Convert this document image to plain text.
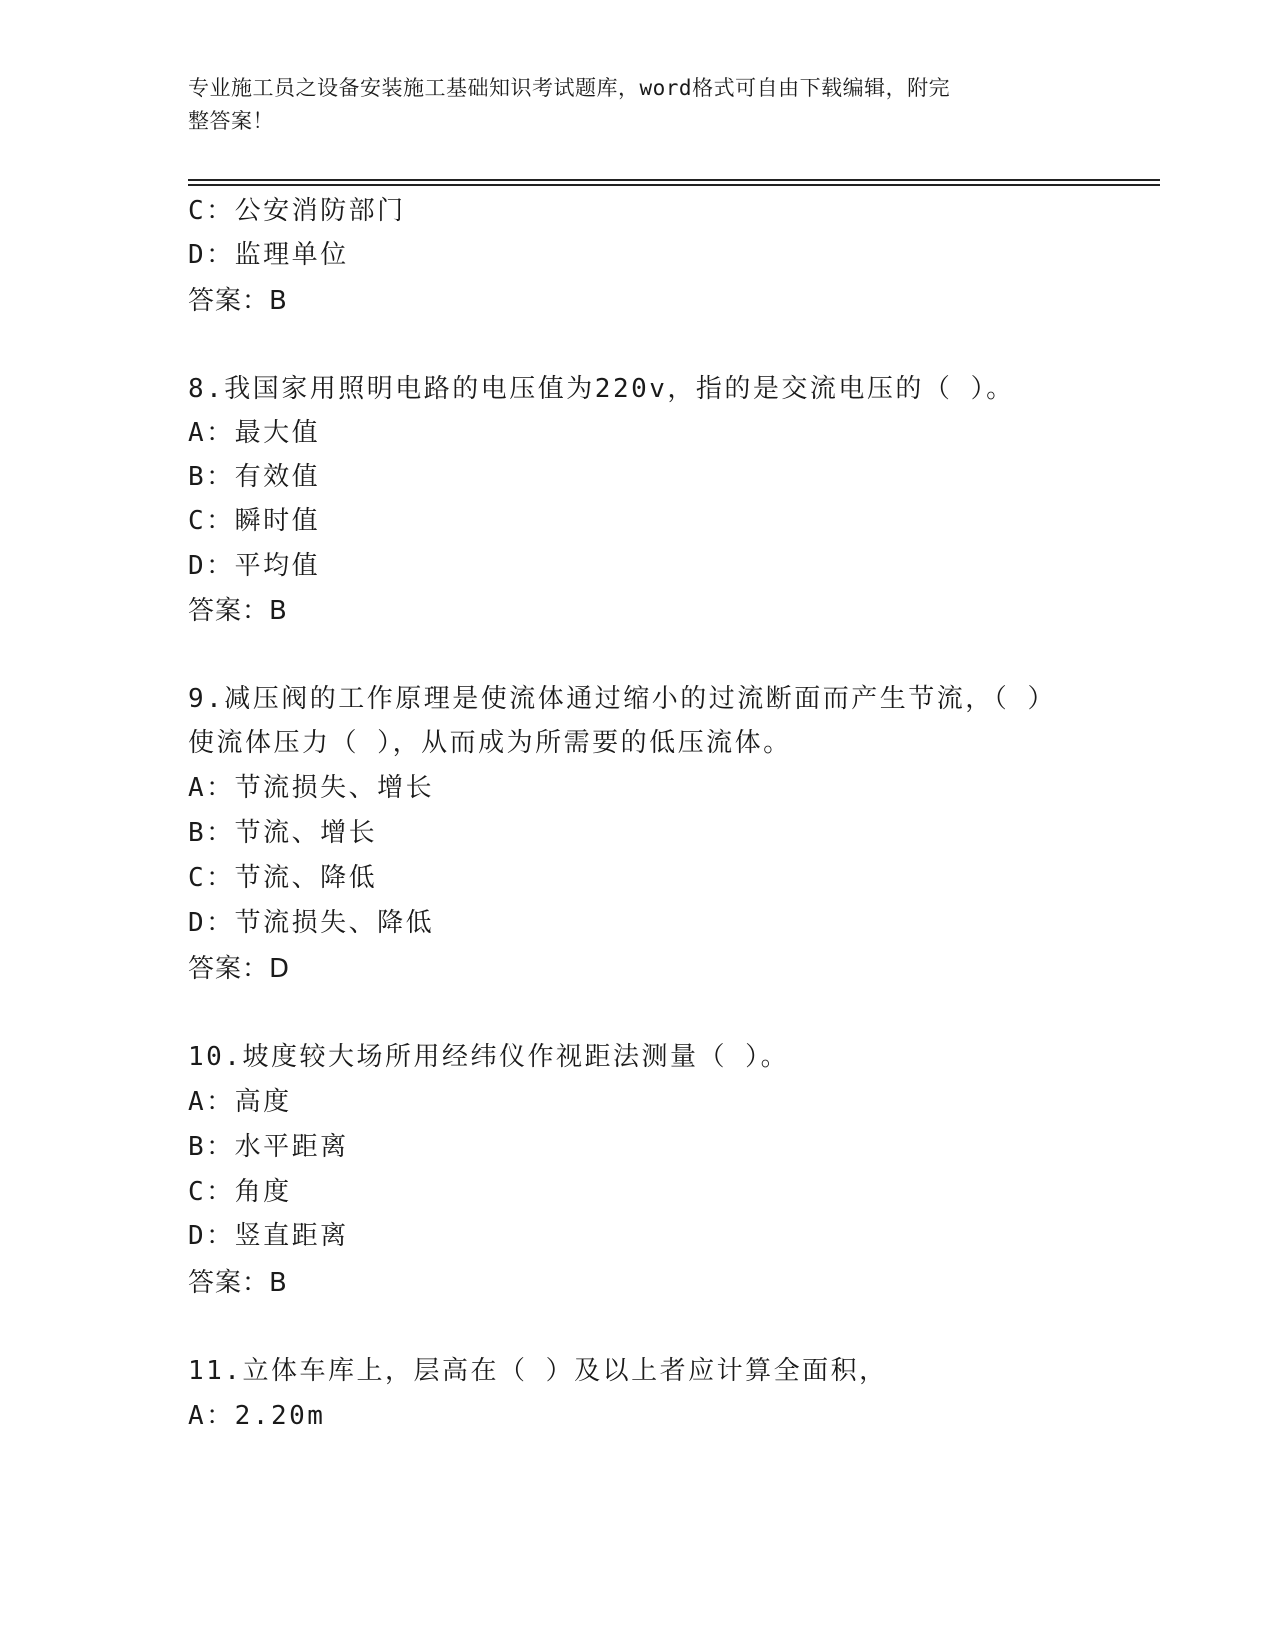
专业施工员之设备安装施工基础知识考试题库，word格式可自由下载编辑，附完
整答案！
C：公安消防部门
D：监理单位
答案：B
8.我国家用照明电路的电压值为220v，指的是交流电压的（ ）。
A：最大值
B：有效值
C：瞬时值
D：平均值
答案：B
9.减压阀的工作原理是使流体通过缩小的过流断面而产生节流，（ ）
使流体压力（ ），从而成为所需要的低压流体。
A：节流损失、增长
B：节流、增长
C：节流、降低
D：节流损失、降低
答案：D
10.坡度较大场所用经纬仪作视距法测量（ ）。
A：高度
B：水平距离
C：角度
D：竖直距离
答案：B
11.立体车库上，层高在（ ）及以上者应计算全面积，
A：2.20m
